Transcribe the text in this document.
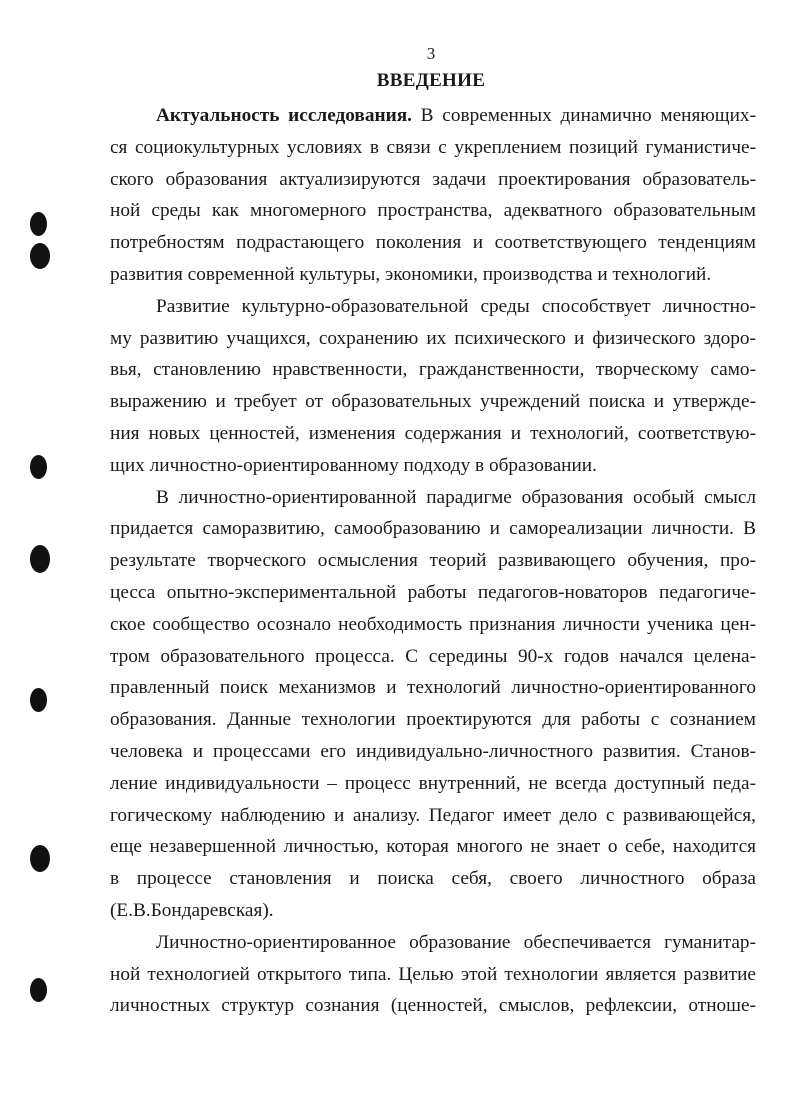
3
ВВЕДЕНИЕ
Актуальность исследования. В современных динамично меняющих-
ся социокультурных условиях в связи с укреплением позиций гуманистиче-
ского образования актуализируются задачи проектирования образователь-
ной среды как многомерного пространства, адекватного образовательным
потребностям подрастающего поколения и соответствующего тенденциям
развития современной культуры, экономики, производства и технологий.
Развитие культурно-образовательной среды способствует личностно-
му развитию учащихся, сохранению их психического и физического здоро-
вья, становлению нравственности, гражданственности, творческому само-
выражению и требует от образовательных учреждений поиска и утвержде-
ния новых ценностей, изменения содержания и технологий, соответствую-
щих личностно-ориентированному подходу в образовании.
В личностно-ориентированной парадигме образования особый смысл
придается саморазвитию, самообразованию и самореализации личности. В
результате творческого осмысления теорий развивающего обучения, про-
цесса опытно-экспериментальной работы педагогов-новаторов педагогиче-
ское сообщество осознало необходимость признания личности ученика цен-
тром образовательного процесса. С середины 90-х годов начался целена-
правленный поиск механизмов и технологий личностно-ориентированного
образования. Данные технологии проектируются для работы с сознанием
человека и процессами его индивидуально-личностного развития. Станов-
ление индивидуальности – процесс внутренний, не всегда доступный педа-
гогическому наблюдению и анализу. Педагог имеет дело с развивающейся,
еще незавершенной личностью, которая многого не знает о себе, находится
в процессе становления и поиска себя, своего личностного образа
(Е.В.Бондаревская).
Личностно-ориентированное образование обеспечивается гуманитар-
ной технологией открытого типа. Целью этой технологии является развитие
личностных структур сознания (ценностей, смыслов, рефлексии, отноше-
